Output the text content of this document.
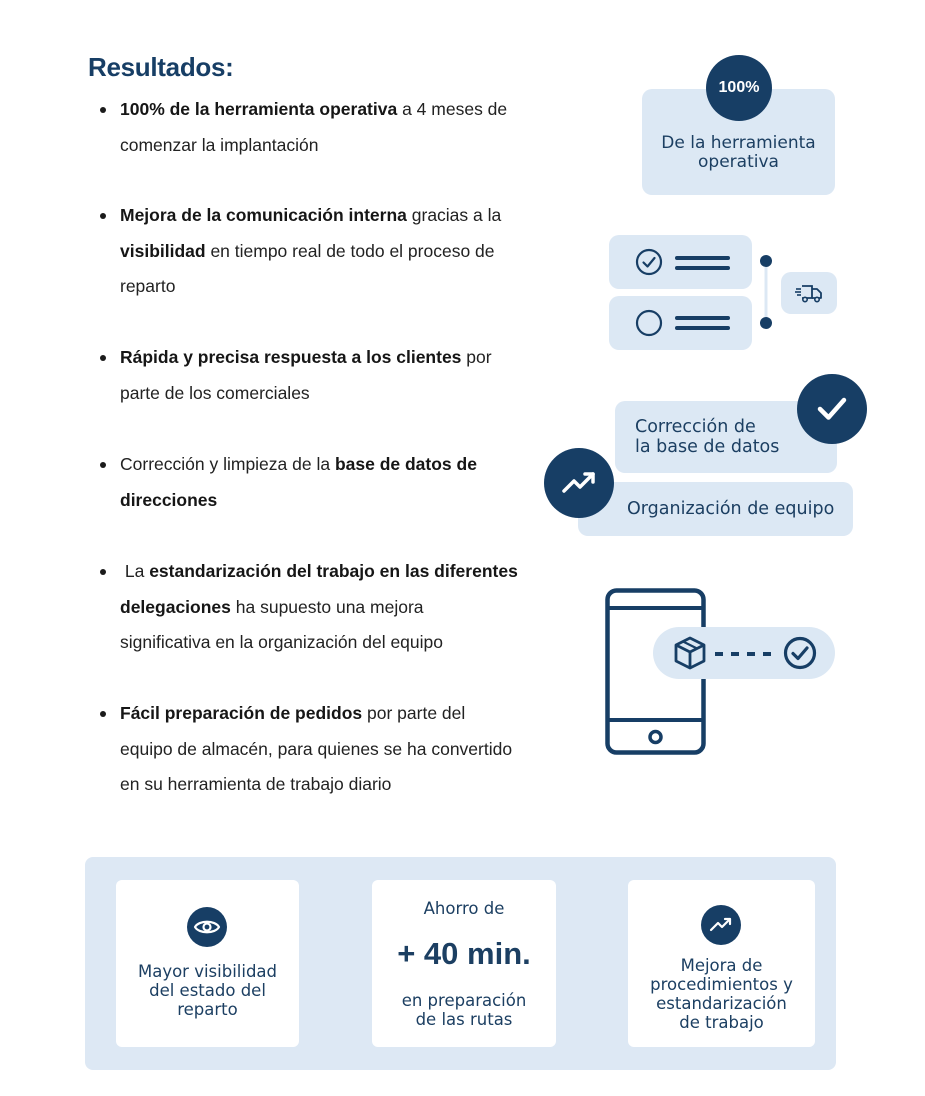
Resultados:
100% de la herramienta operativa a 4 meses de
comenzar la implantación
Mejora de la comunicación interna gracias a la
visibilidad en tiempo real de todo el proceso de
reparto
Rápida y precisa respuesta a los clientes por
parte de los comerciales
Corrección y limpieza de la base de datos de
direcciones
La estandarización del trabajo en las diferentes
delegaciones ha supuesto una mejora
significativa en la organización del equipo
Fácil preparación de pedidos por parte del
equipo de almacén, para quienes se ha convertido
en su herramienta de trabajo diario
De la herramienta
operativa
100%
Corrección de
la base de datos
Organización de equipo
Mayor visibilidad
del estado del
reparto
Ahorro de
+ 40 min.
en preparación
de las rutas
Mejora de
procedimientos y
estandarización
de trabajo
